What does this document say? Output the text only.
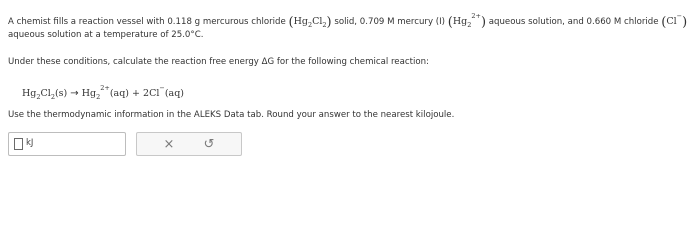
A chemist fills a reaction vessel with 0.118 g mercurous chloride $(Hg_2Cl_2)$ solid, 0.709 M mercury (I) $(Hg_22+)$ aqueous solution, and 0.660 M chloride (Cl−)
aqueous solution at a temperature of 25.0°C.
Under these conditions, calculate the reaction free energy ΔG for the following chemical reaction:
$Hg_2Cl_2(s) \to Hg_22+(aq) + 2Cl-(aq)$
Use the thermodynamic information in the ALEKS Data tab. Round your answer to the nearest kilojoule.
kJ	× ↺
